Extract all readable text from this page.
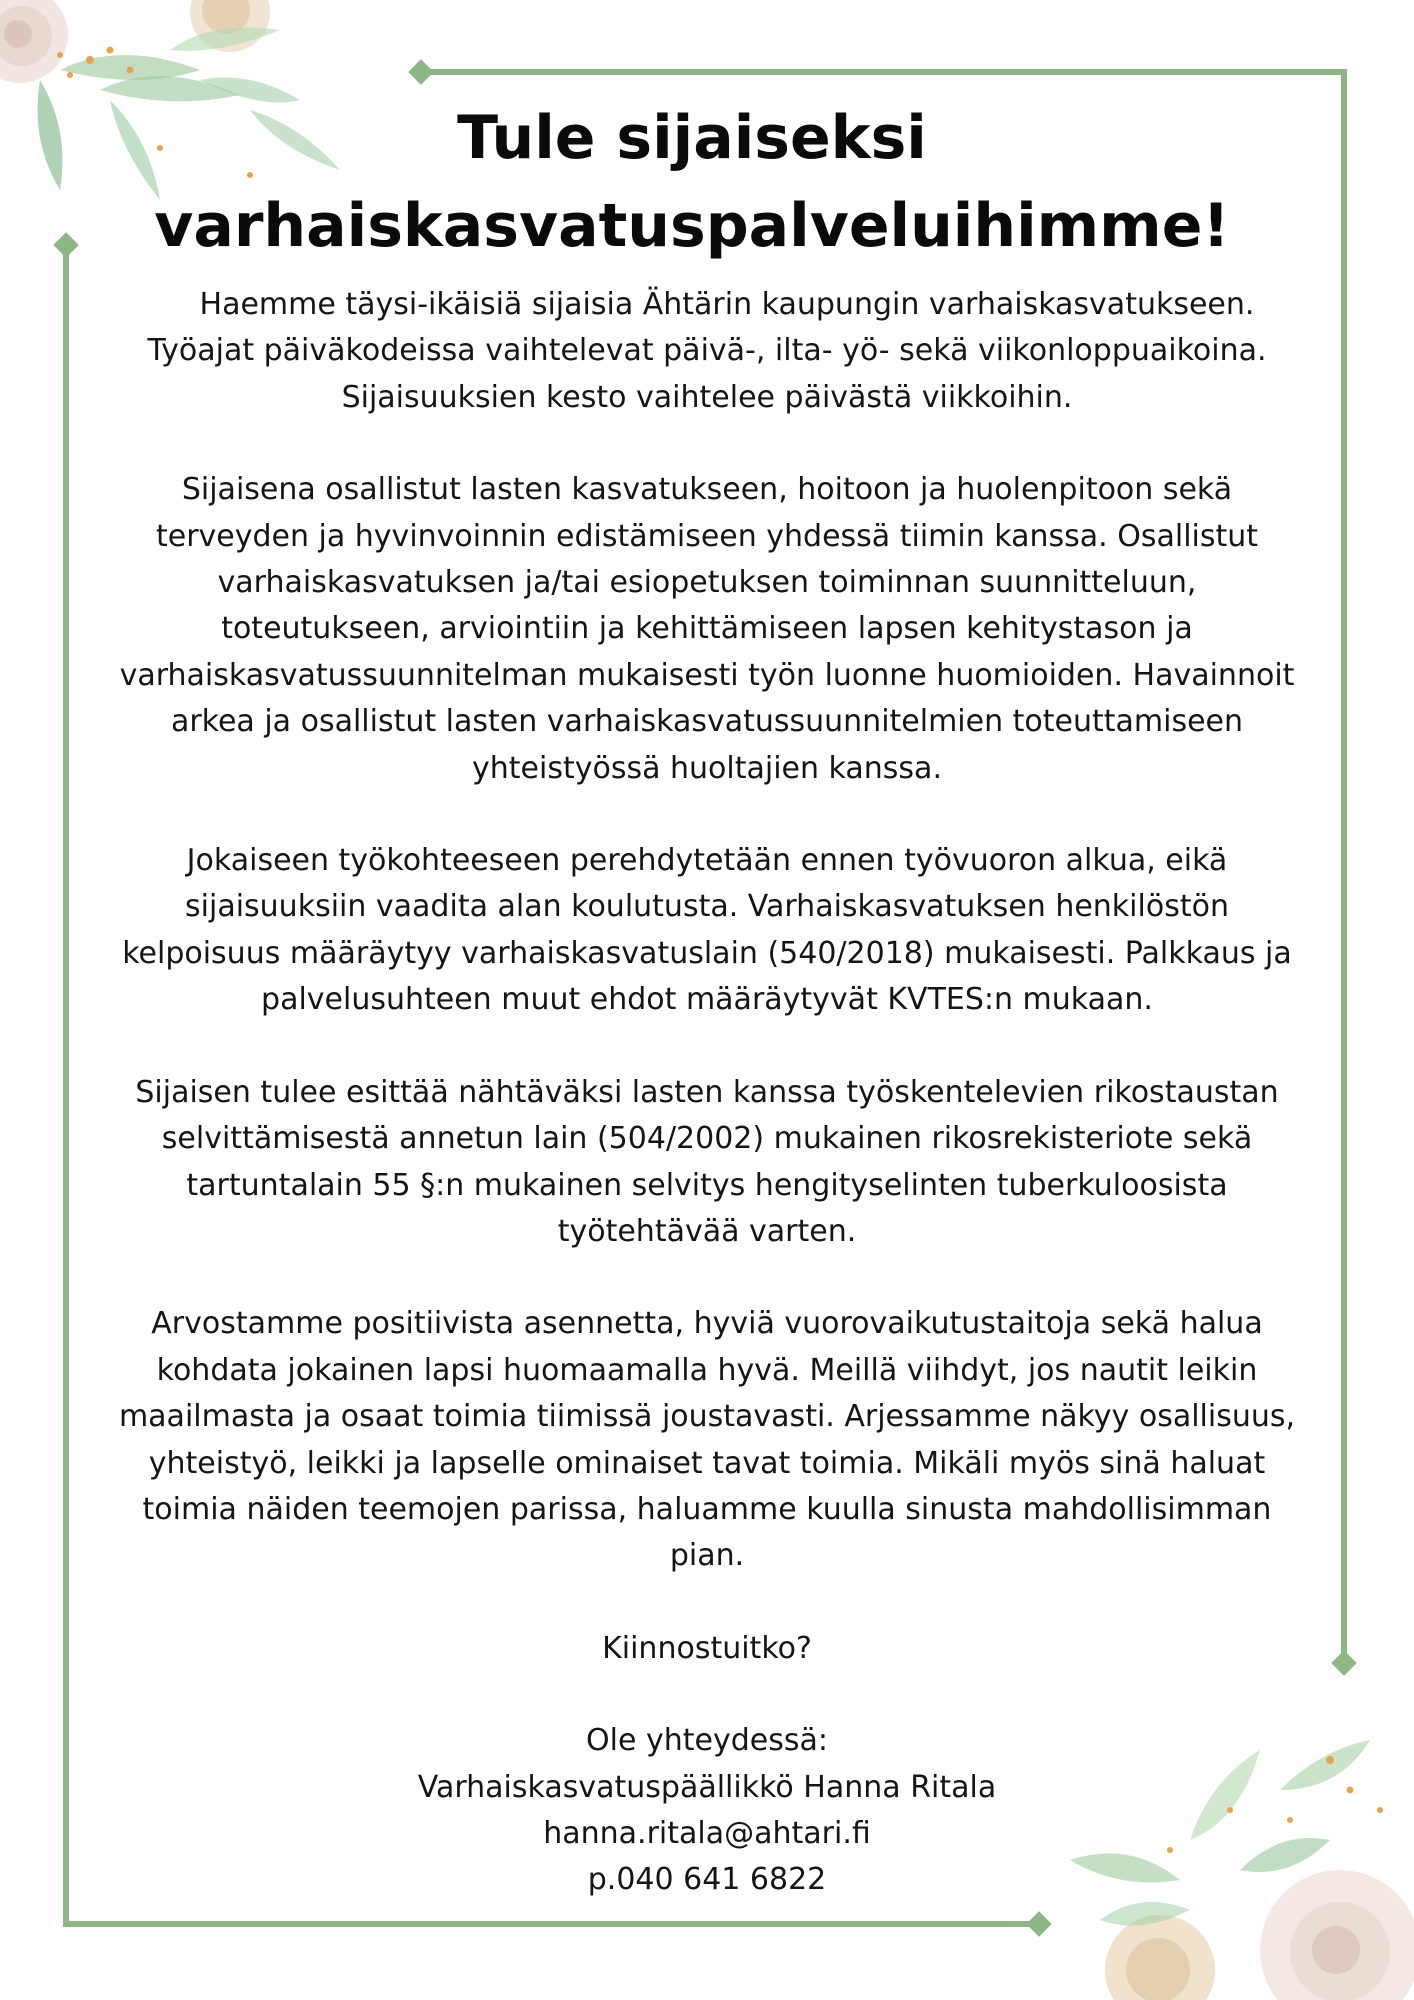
Tule sijaiseksi
varhaiskasvatuspalveluihimme!

Haemme täysi-ikäisiä sijaisia Ähtärin kaupungin varhaiskasvatukseen.
Työajat päiväkodeissa vaihtelevat päivä-, ilta- yö- sekä viikonloppuaikoina.
Sijaisuuksien kesto vaihtelee päivästä viikkoihin.

Sijaisena osallistut lasten kasvatukseen, hoitoon ja huolenpitoon sekä
terveyden ja hyvinvoinnin edistämiseen yhdessä tiimin kanssa. Osallistut
varhaiskasvatuksen ja/tai esiopetuksen toiminnan suunnitteluun,
toteutukseen, arviointiin ja kehittämiseen lapsen kehitystason ja
varhaiskasvatussuunnitelman mukaisesti työn luonne huomioiden. Havainnoit
arkea ja osallistut lasten varhaiskasvatussuunnitelmien toteuttamiseen
yhteistyössä huoltajien kanssa.

Jokaiseen työkohteeseen perehdytetään ennen työvuoron alkua, eikä
sijaisuuksiin vaadita alan koulutusta. Varhaiskasvatuksen henkilöstön
kelpoisuus määräytyy varhaiskasvatuslain (540/2018) mukaisesti. Palkkaus ja
palvelusuhteen muut ehdot määräytyvät KVTES:n mukaan.

Sijaisen tulee esittää nähtäväksi lasten kanssa työskentelevien rikostaustan
selvittämisestä annetun lain (504/2002) mukainen rikosrekisteriote sekä
tartuntalain 55 §:n mukainen selvitys hengityselinten tuberkuloosista
työtehtävää varten.

Arvostamme positiivista asennetta, hyviä vuorovaikutustaitoja sekä halua
kohdata jokainen lapsi huomaamalla hyvä. Meillä viihdyt, jos nautit leikin
maailmasta ja osaat toimia tiimissä joustavasti. Arjessamme näkyy osallisuus,
yhteistyö, leikki ja lapselle ominaiset tavat toimia. Mikäli myös sinä haluat
toimia näiden teemojen parissa, haluamme kuulla sinusta mahdollisimman
pian.

Kiinnostuitko?

Ole yhteydessä:
Varhaiskasvatuspäällikkö Hanna Ritala
hanna.ritala@ahtari.fi
p.040 641 6822
